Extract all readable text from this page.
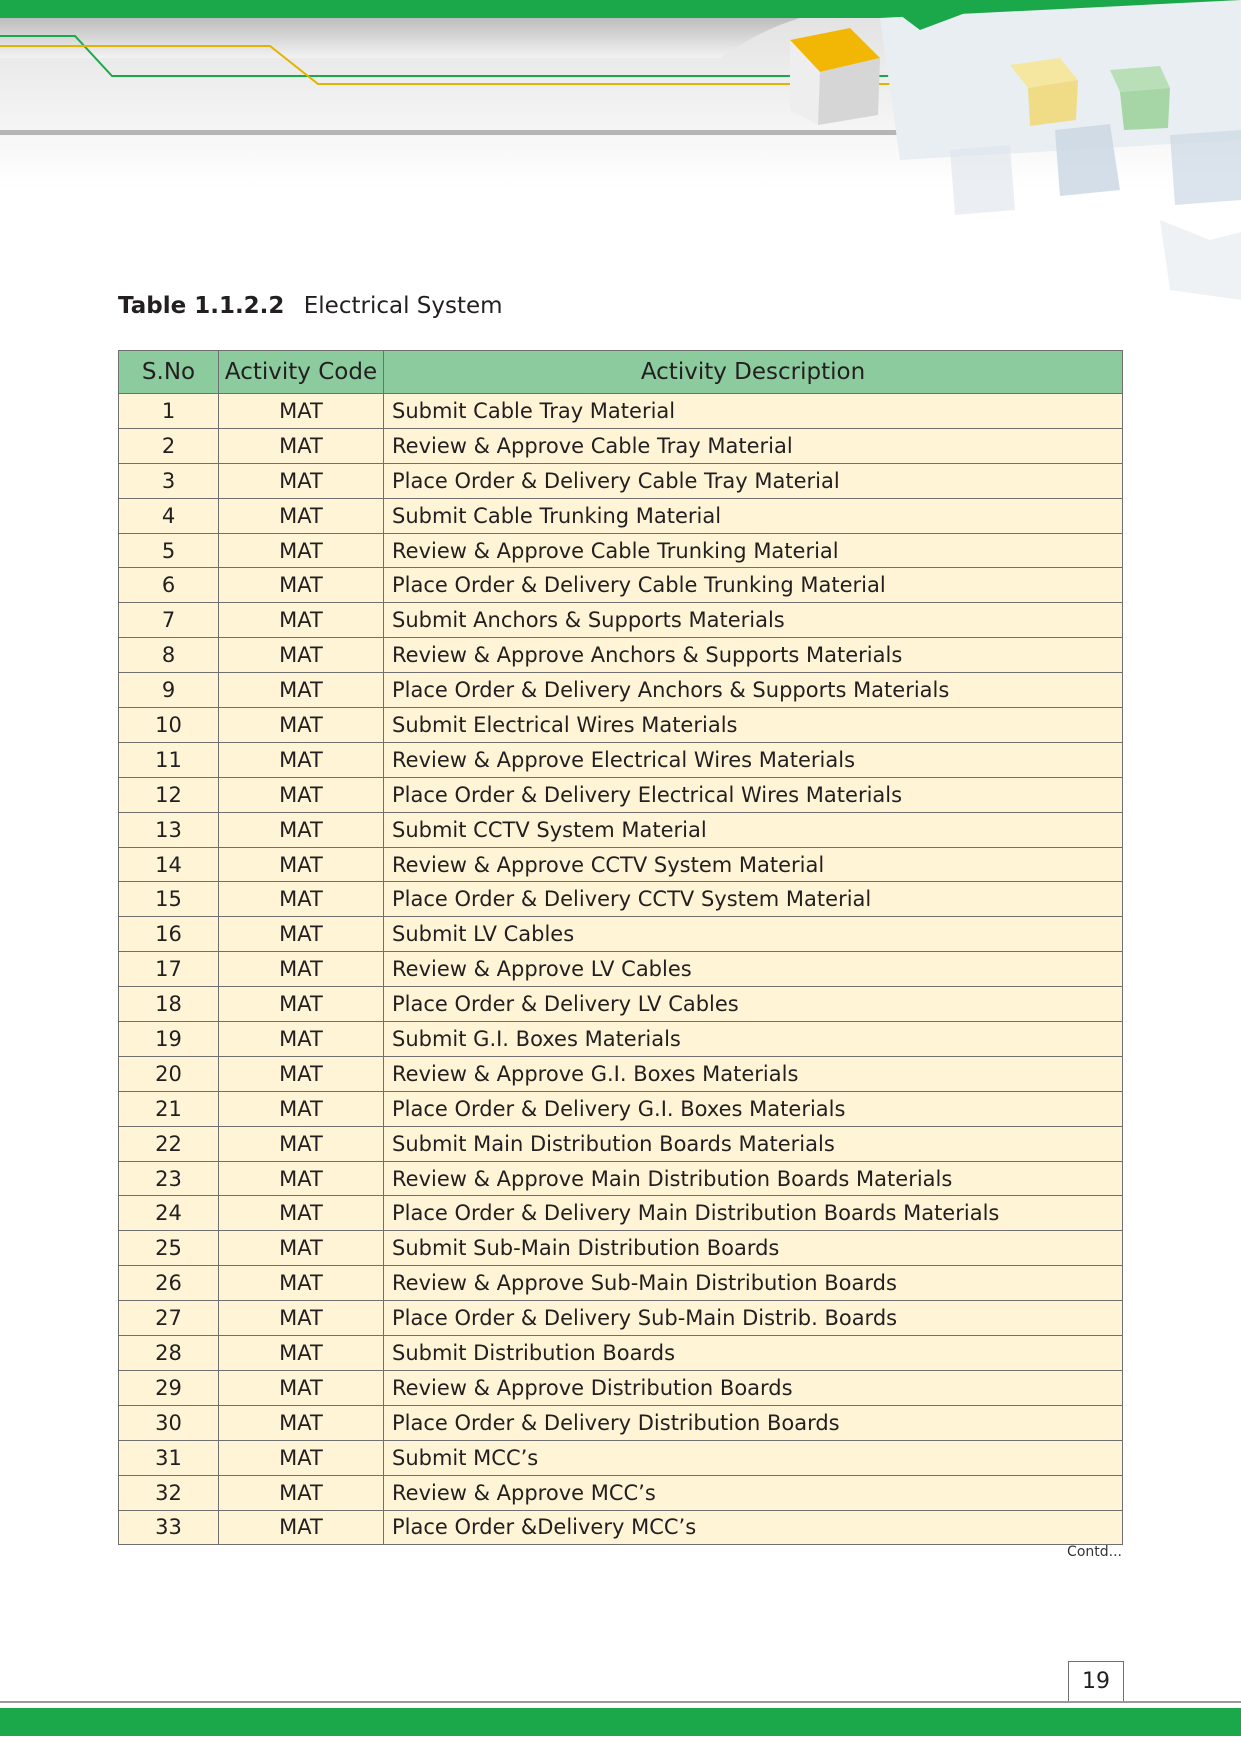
Table 1.1.2.2 Electrical System
S.No	Activity Code	Activity Description
1	MAT	Submit Cable Tray Material
2	MAT	Review & Approve Cable Tray Material
3	MAT	Place Order & Delivery Cable Tray Material
4	MAT	Submit Cable Trunking Material
5	MAT	Review & Approve Cable Trunking Material
6	MAT	Place Order & Delivery Cable Trunking Material
7	MAT	Submit Anchors & Supports Materials
8	MAT	Review & Approve Anchors & Supports Materials
9	MAT	Place Order & Delivery Anchors & Supports Materials
10	MAT	Submit Electrical Wires Materials
11	MAT	Review & Approve Electrical Wires Materials
12	MAT	Place Order & Delivery Electrical Wires Materials
13	MAT	Submit CCTV System Material
14	MAT	Review & Approve CCTV System Material
15	MAT	Place Order & Delivery CCTV System Material
16	MAT	Submit LV Cables
17	MAT	Review & Approve LV Cables
18	MAT	Place Order & Delivery LV Cables
19	MAT	Submit G.I. Boxes Materials
20	MAT	Review & Approve G.I. Boxes Materials
21	MAT	Place Order & Delivery G.I. Boxes Materials
22	MAT	Submit Main Distribution Boards Materials
23	MAT	Review & Approve Main Distribution Boards Materials
24	MAT	Place Order & Delivery Main Distribution Boards Materials
25	MAT	Submit Sub-Main Distribution Boards
26	MAT	Review & Approve Sub-Main Distribution Boards
27	MAT	Place Order & Delivery Sub-Main Distrib. Boards
28	MAT	Submit Distribution Boards
29	MAT	Review & Approve Distribution Boards
30	MAT	Place Order & Delivery Distribution Boards
31	MAT	Submit MCC’s
32	MAT	Review & Approve MCC’s
33	MAT	Place Order &Delivery MCC’s
Contd...
19
